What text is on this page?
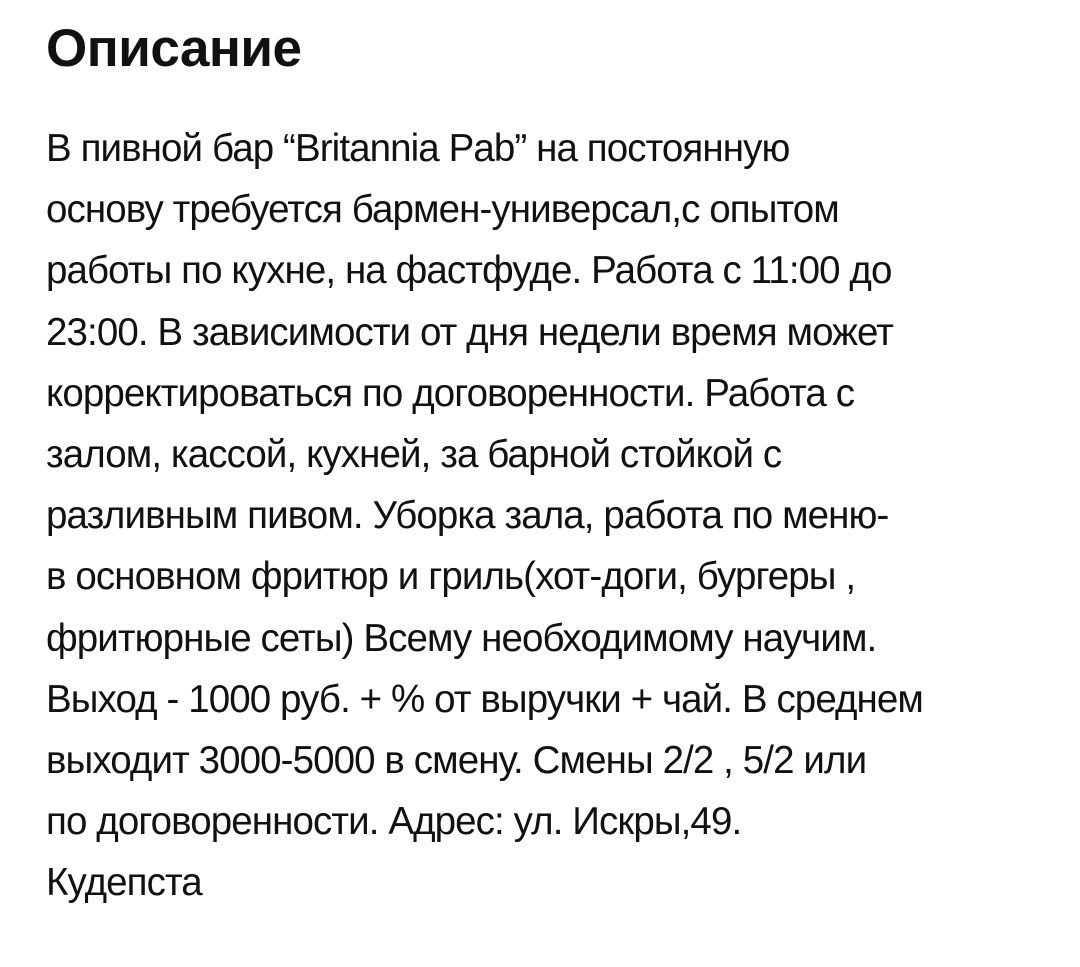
Описание
В пивной бар “Britannia Pab” на постоянную
основу требуется бармен-универсал,с опытом
работы по кухне, на фастфуде. Работа с 11:00 до
23:00. В зависимости от дня недели время может
корректироваться по договоренности. Работа с
залом, кассой, кухней, за барной стойкой с
разливным пивом. Уборка зала, работа по меню-
в основном фритюр и гриль(хот-доги, бургеры ,
фритюрные сеты) Всему необходимому научим.
Выход - 1000 руб. + % от выручки + чай. В среднем
выходит 3000-5000 в смену. Смены 2/2 , 5/2 или
по договоренности. Адрес: ул. Искры,49.
Кудепста
